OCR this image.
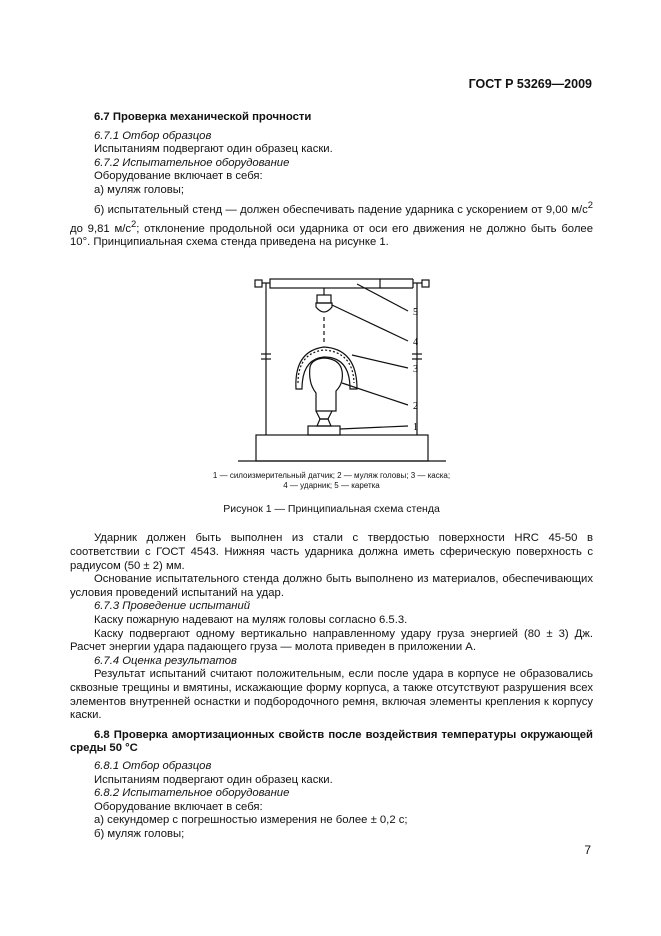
ГОСТ Р 53269—2009

6.7 Проверка механической прочности

6.7.1 Отбор образцов

Испытаниям подвергают один образец каски.

6.7.2 Испытательное оборудование

Оборудование включает в себя:

а) муляж головы;

б) испытательный стенд — должен обеспечивать падение ударника с ускорением от 9,00 $м/с^2$ до 9,81 $м/с^2$; отклонение продольной оси ударника от оси его движения не должно быть более 10°. Принципиальная схема стенда приведена на рисунке 1.

5
4
3
2
1

1 — силоизмерительный датчик; 2 — муляж головы; 3 — каска;

4 — ударник; 5 — каретка

Рисунок 1 — Принципиальная схема стенда

Ударник должен быть выполнен из стали с твердостью поверхности HRC 45-50 в соответствии с ГОСТ 4543. Нижняя часть ударника должна иметь сферическую поверхность с радиусом (50 ± 2) мм.

Основание испытательного стенда должно быть выполнено из материалов, обеспечивающих условия проведений испытаний на удар.

6.7.3 Проведение испытаний

Каску пожарную надевают на муляж головы согласно 6.5.3.

Каску подвергают одному вертикально направленному удару груза энергией (80 ± 3) Дж. Расчет энергии удара падающего груза — молота приведен в приложении А.

6.7.4 Оценка результатов

Результат испытаний считают положительным, если после удара в корпусе не образовались сквозные трещины и вмятины, искажающие форму корпуса, а также отсутствуют разрушения всех элементов внутренней оснастки и подбородочного ремня, включая элементы крепления к корпусу каски.

6.8 Проверка амортизационных свойств после воздействия температуры окружающей среды 50 °С

6.8.1 Отбор образцов

Испытаниям подвергают один образец каски.

6.8.2 Испытательное оборудование

Оборудование включает в себя:

а) секундомер с погрешностью измерения не более ± 0,2 с;

б) муляж головы;

7
